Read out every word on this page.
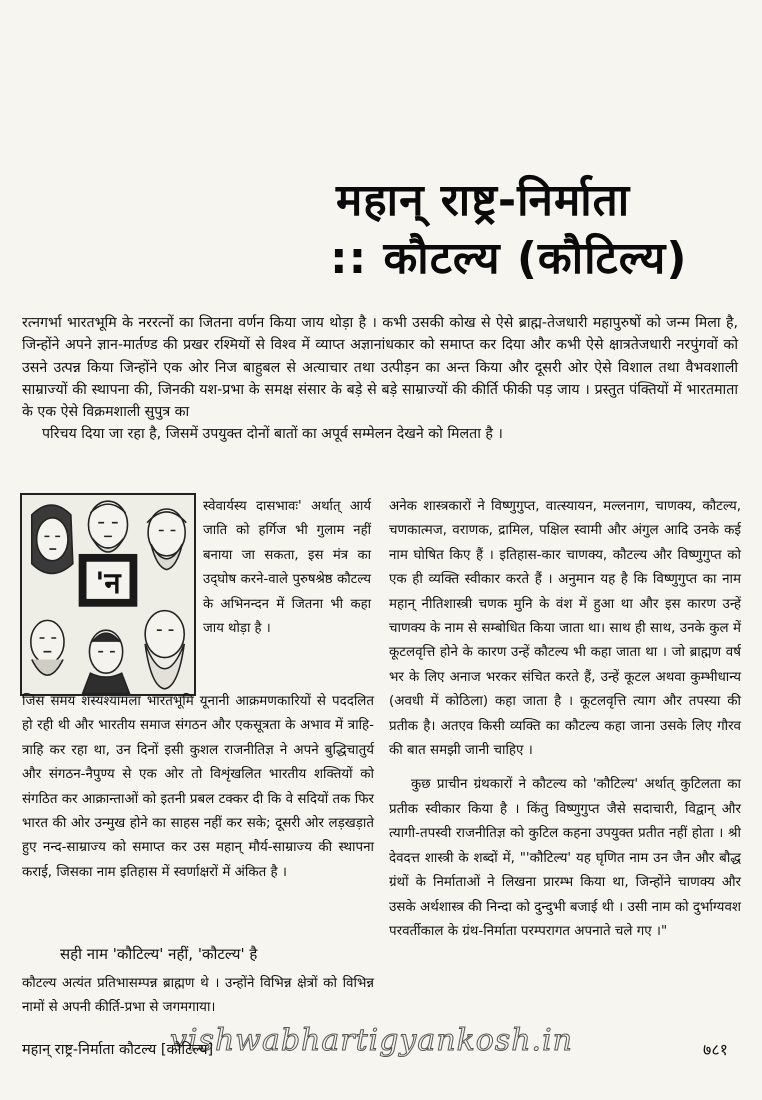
महान् राष्ट्र-निर्माता
:: कौटल्य (कौटिल्य)

रत्नगर्भा भारतभूमि के नररत्नों का जितना वर्णन किया जाय थोड़ा है । कभी उसकी कोख से ऐसे ब्राह्म-तेजधारी महापुरुषों को जन्म मिला है, जिन्होंने अपने ज्ञान-मार्तण्ड की प्रखर रश्मियों से विश्व में व्याप्त अज्ञानांधकार को समाप्त कर दिया और कभी ऐसे क्षात्रतेजधारी नरपुंगवों को उसने उत्पन्न किया जिन्होंने एक ओर निज बाहुबल से अत्याचार तथा उत्पीड़न का अन्त किया और दूसरी ओर ऐसे विशाल तथा वैभवशाली साम्राज्यों की स्थापना की, जिनकी यश-प्रभा के समक्ष संसार के बड़े से बड़े साम्राज्यों की कीर्ति फीकी पड़ जाय । प्रस्तुत पंक्तियों में भारतमाता के एक ऐसे विक्रमशाली सुपुत्र का

परिचय दिया जा रहा है, जिसमें उपयुक्त दोनों बातों का अपूर्व सम्मेलन देखने को मिलता है ।

'न

स्वेवार्यस्य दासभावः' अर्थात् आर्य जाति को हर्गिज भी गुलाम नहीं बनाया जा सकता, इस मंत्र का उद्‌घोष करने-वाले पुरुषश्रेष्ठ कौटल्य के अभिनन्दन में जितना भी कहा जाय थोड़ा है ।

जिस समय शस्यश्यामला भारतभूमि यूनानी आक्रमणकारियों से पददलित हो रही थी और भारतीय समाज संगठन और एकसूत्रता के अभाव में त्राहि-त्राहि कर रहा था, उन दिनों इसी कुशल राजनीतिज्ञ ने अपने बुद्धिचातुर्य और संगठन-नैपुण्य से एक ओर तो विशृंखलित भारतीय शक्तियों को संगठित कर आक्रान्ताओं को इतनी प्रबल टक्कर दी कि वे सदियों तक फिर भारत की ओर उन्मुख होने का साहस नहीं कर सके; दूसरी ओर लड़खड़ाते हुए नन्द-साम्राज्य को समाप्त कर उस महान् मौर्य-साम्राज्य की स्थापना कराई, जिसका नाम इतिहास में स्वर्णाक्षरों में अंकित है ।

सही नाम 'कौटिल्य' नहीं, 'कौटल्य' है

कौटल्य अत्यंत प्रतिभासम्पन्न ब्राह्मण थे । उन्होंने विभिन्न क्षेत्रों को विभिन्न नामों से अपनी कीर्ति-प्रभा से जगमगाया।

अनेक शास्त्रकारों ने विष्णुगुप्त, वात्स्यायन, मल्लनाग, चाणक्य, कौटल्य, चणकात्मज, वराणक, द्रामिल, पक्षिल स्वामी और अंगुल आदि उनके कई नाम घोषित किए हैं । इतिहास-कार चाणक्य, कौटल्य और विष्णुगुप्त को एक ही व्यक्ति स्वीकार करते हैं । अनुमान यह है कि विष्णुगुप्त का नाम महान् नीतिशास्त्री चणक मुनि के वंश में हुआ था और इस कारण उन्हें चाणक्य के नाम से सम्बोधित किया जाता था। साथ ही साथ, उनके कुल में कूटलवृत्ति होने के कारण उन्हें कौटल्य भी कहा जाता था । जो ब्राह्मण वर्ष भर के लिए अनाज भरकर संचित करते हैं, उन्हें कूटल अथवा कुम्भीधान्य (अवधी में कोठिला) कहा जाता है । कूटलवृत्ति त्याग और तपस्या की प्रतीक है। अतएव किसी व्यक्ति का कौटल्य कहा जाना उसके लिए गौरव की बात समझी जानी चाहिए ।

कुछ प्राचीन ग्रंथकारों ने कौटल्य को 'कौटिल्य' अर्थात् कुटिलता का प्रतीक स्वीकार किया है । किंतु विष्णुगुप्त जैसे सदाचारी, विद्वान् और त्यागी-तपस्वी राजनीतिज्ञ को कुटिल कहना उपयुक्त प्रतीत नहीं होता । श्री देवदत्त शास्त्री के शब्दों में, "'कौटिल्य' यह घृणित नाम उन जैन और बौद्ध ग्रंथों के निर्माताओं ने लिखना प्रारम्भ किया था, जिन्होंने चाणक्य और उसके अर्थशास्त्र की निन्दा को दुन्दुभी बजाई थी । उसी नाम को दुर्भाग्यवश परवर्तीकाल के ग्रंथ-निर्माता परम्परागत अपनाते चले गए ।"

vishwabhartigyankosh.in
महान् राष्ट्र-निर्माता कौटल्य [कौटिल्य]	७८१
